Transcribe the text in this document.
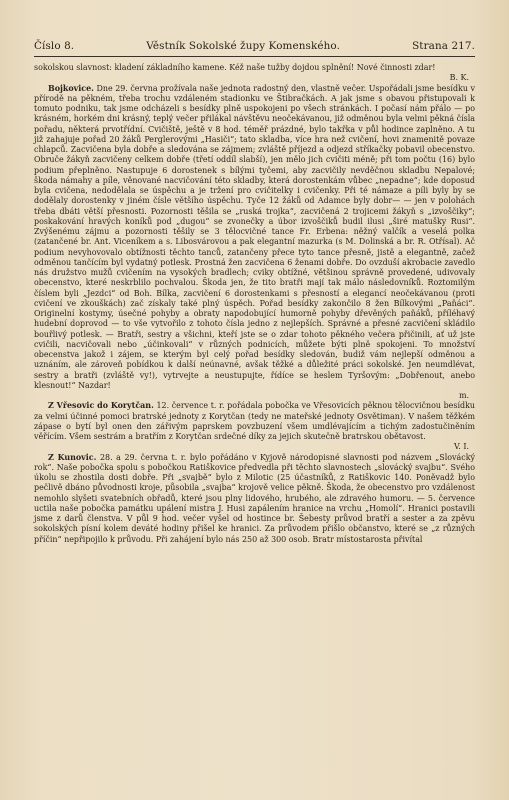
Číslo 8.	Věstník Sokolské župy Komenského.	Strana 217.

sokolskou slavnost: kladení základního kamene. Kéž naše tužby dojdou splnění! Nové činnosti zdar!

B. K.

Bojkovice. Dne 29. června prožívala naše jednota radostný den, vlastně večer. Uspořádali jsme besídku v přírodě na pěkném, třeba trochu vzdáleném stadionku ve Štibračkách. A jak jsme s obavou přistupovali k tomuto podniku, tak jsme odcházeli s besídky plně uspokojeni po všech stránkách. I počasí nám přálo — po krásném, horkém dni krásný, teplý večer přilákal návštěvu neočekávanou, již odměnou byla velmi pěkná číslа pořadu, některá prvotřídní. Cvičiště, ještě v 8 hod. téměř prázdné, bylo takřka v půl hodince zaplněno. A tu již zahajuje pořad 20 žáků Perglerovými „Hasiči“; tato skladba, více hra než cvičení, hovi znamenitě povaze chlapců. Zacvičena byla dobře a sledována se zájmem; zvláště příjezd a odjezd stříkačky pobavil obecenstvo. Obruče žákyň zacvičeny celkem dobře (třetí oddíl slabší), jen mělo jich cvičiti méně; při tom počtu (16) bylo podium přeplněno. Nastupuje 6 dorostenek s bílými tyčemi, aby zacvičily nevděčnou skladbu Nepalové; škoda námahy a píle, věnované nacvičování této skladby, která dorostenkám vůbec „nepadne“; kde doposud byla cvičena, nedodělala se úspěchu a je tržení pro cvičitelky i cvičenky. Při té námaze a píli byly by se dodělaly dorostenky v jiném číslе většího úspěchu. Tyče 12 žáků od Adamce byly dobr— — jen v polohách třeba dbáti větší přesnosti. Pozornosti těšila se „ruská trojka“, zacvičená 2 trojicemi žákyň s „izvoščiky“; poskakování hravých koníků pod „dugou“ se zvonečky a úbor izvoščiků budil ilusi „širé matušky Rusi“. Zvýšenému zájmu a pozornosti těšily se 3 tělocvičné tance Fr. Erbena: něžný valčík a veselá polka (zatančené br. Ant. Viceníkem a s. Libosvárovou a pak elegantní mazurka (s M. Dolinská a br. R. Otřísal). Ač podium nevyhovovalo obtížnosti těchto tanců, zatančeny přece tyto tance přesně, jistě a elegantně, začež odměnou tančícím byl vydatný potlesk. Prostná žen zacvičena 6 ženami dobře. Do ovzduší akrobacie zavedlo nás družstvo mužů cvičením na vysokých bradlech; cviky obtížné, většinou správně provedené, udivovaly obecenstvo, které neskrblilo pochvalou. Škoda jen, že tito bratři mají tak málo následovníků. Roztomilým číslem byli „Jezdci“ od Boh. Bílka, zacvičení 6 dorostenkami s přesností a elegancí neočekávanou (proti cvičení ve zkouškách) zač získaly také plný úspěch. Pořad besídky zakončilo 8 žen Bílkovými „Paňáci“. Originelní kostymy, úsečné pohyby a obraty napodobující humorně pohyby dřevěných paňáků, příléhavý hudební doprovod — to vše vytvořilo z tohoto čísla jedno z nejlepších. Správné a přesné zacvičení skládilo bouřlivý potlesk. — Bratři, sestry a všichni, kteří jste se o zdar tohoto pěkného večera přičinili, ať už jste cvičili, nacvičovali nebo „účinkovali“ v různých podnicích, můžete býti plně spokojeni. To množství obecenstva jakož i zájem, se kterým byl celý pořad besídky sledován, budiž vám nejlepší odměnou a uznáním, ale zároveň pobídkou k další neúnavné, avšak těžké a důležité práci sokolské. Jen neumdlévat, sestry a bratři (zvláště vy!), vytrvejte a neustupujte, řídíce se heslem Tyršovým: „Dobřenout, anebo klesnout!“ Nazdar!

m.

Z Vřesovic do Korytčan. 12. července t. r. pořádala pobočka ve Vřesovicích pěknou tělocvičnou besídku za velmi účinné pomoci bratrské jednoty z Korytčan (tedy ne mateřské jednoty Osvětiman). V našem těžkém zápase o bytí byl onen den zářivým paprskem povzbuzení všem umdlévajícím a tichým zadostučiněním věřícím. Všem sestrám a bratřím z Korytčan srdečné díky za jejich skutečně bratrskou obětavost.

V. I.

Z Kunovic. 28. a 29. června t. r. bylo pořádáno v Kyjově národopisné slavnosti pod názvem „Slovácký rok“. Naše pobočka spolu s pobočkou Ratiškovice předvedla při těchto slavnostech „slovácký svajbu“. Svého úkolu se zhostila dosti dobře. Při „svajbě“ bylo z Milotic (25 účastníků, z Ratiškovic 140. Poněvadž bylo pečlivě dbáno původnosti kroje, působila „svajba“ krojově velice pěkně. Škoda, že obecenstvo pro vzdálenost nemohlo slyšeti svatebních obřadů, které jsou plny lidového, hrubého, ale zdravého humoru. — 5. července uctila naše pobočka památku upálení mistra J. Husi zapálením hranice na vrchu „Homolí“. Hranici postavili jsme z darů členstva. V půl 9 hod. večer vyšel od hostince br. Šebesty průvod bratří a sester a za zpěvu sokolských písní kolem deváté hodiny přišel ke hranici. Za průvodem přišlo občanstvo, které se „z různých příčin“ nepřipojilo k průvodu. Při zahájení bylo nás 250 až 300 osob. Bratr místostarosta přivítal
